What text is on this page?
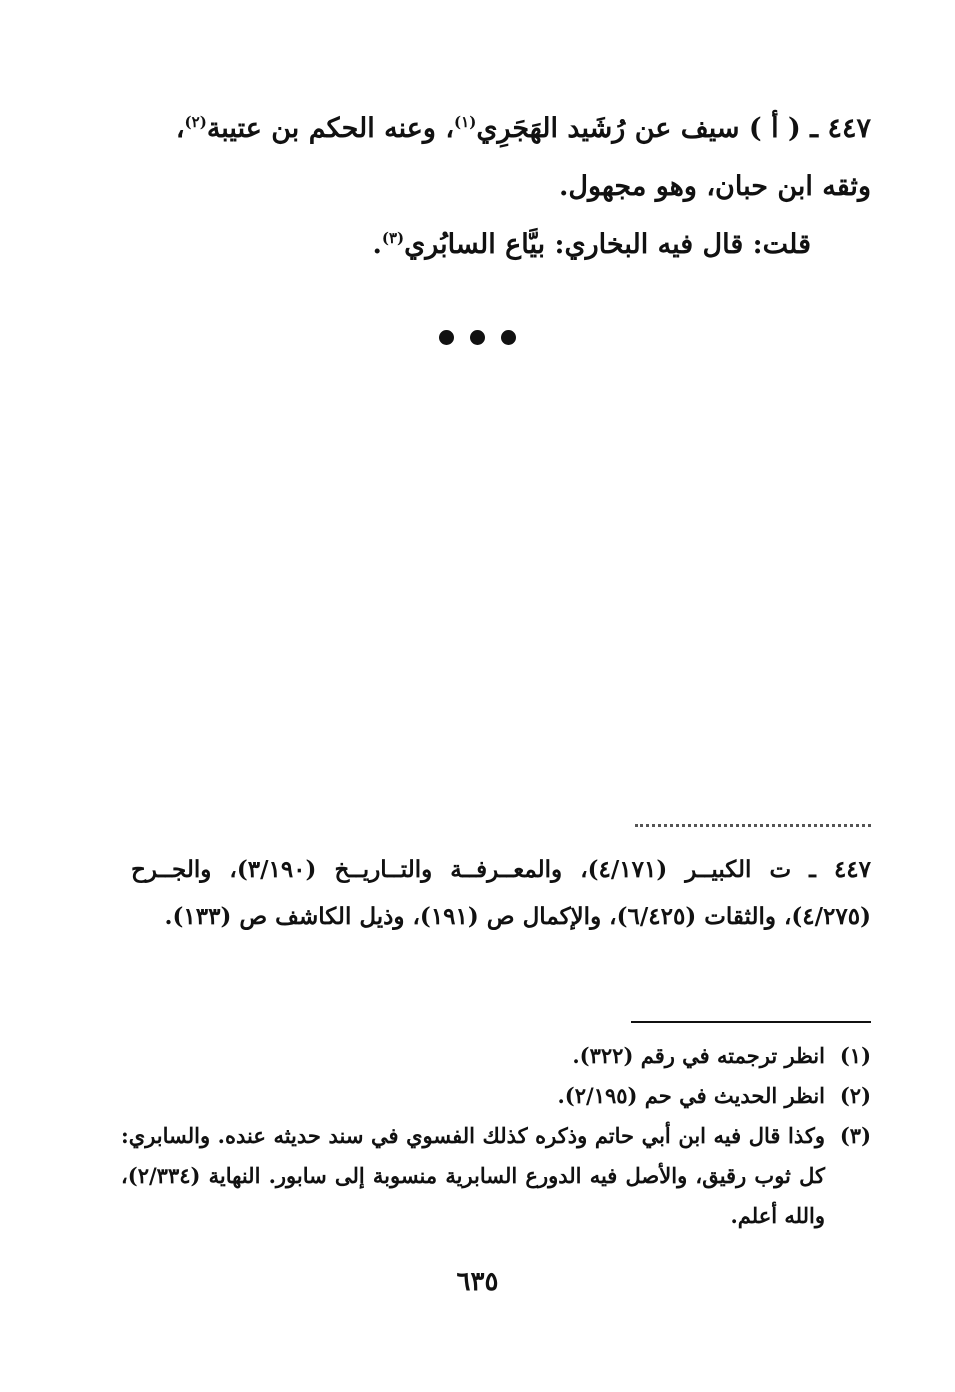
٤٤٧ ـ ( أ ) سيف عن رُشَيد الهَجَرِي$^{(١)}$، وعنه الحكم بن عتيبة$^{(٢)}$،

وثقه ابن حبان، وهو مجهول.

قلت: قال فيه البخاري: بيَّاع السابُري$^{(٣)}$.

٤٤٧ ـ ت الكبيــر (٤/١٧١)، والمعــرفــة والتــاريــخ (٣/١٩٠)، والجــرح (٤/٢٧٥)، والثقات (٦/٤٢٥)، والإكمال ص (١٩١)، وذيل الكاشف ص (١٣٣).

(١)
انظر ترجمته في رقم (٣٢٢).
(٢)
انظر الحديث في حم (٢/١٩٥).
(٣)
وكذا قال فيه ابن أبي حاتم وذكره كذلك الفسوي في سند حديثه عنده. والسابري: كل ثوب رقيق، والأصل فيه الدورع السابرية منسوبة إلى سابور. النهاية (٢/٣٣٤)، والله أعلم.
٦٣٥
